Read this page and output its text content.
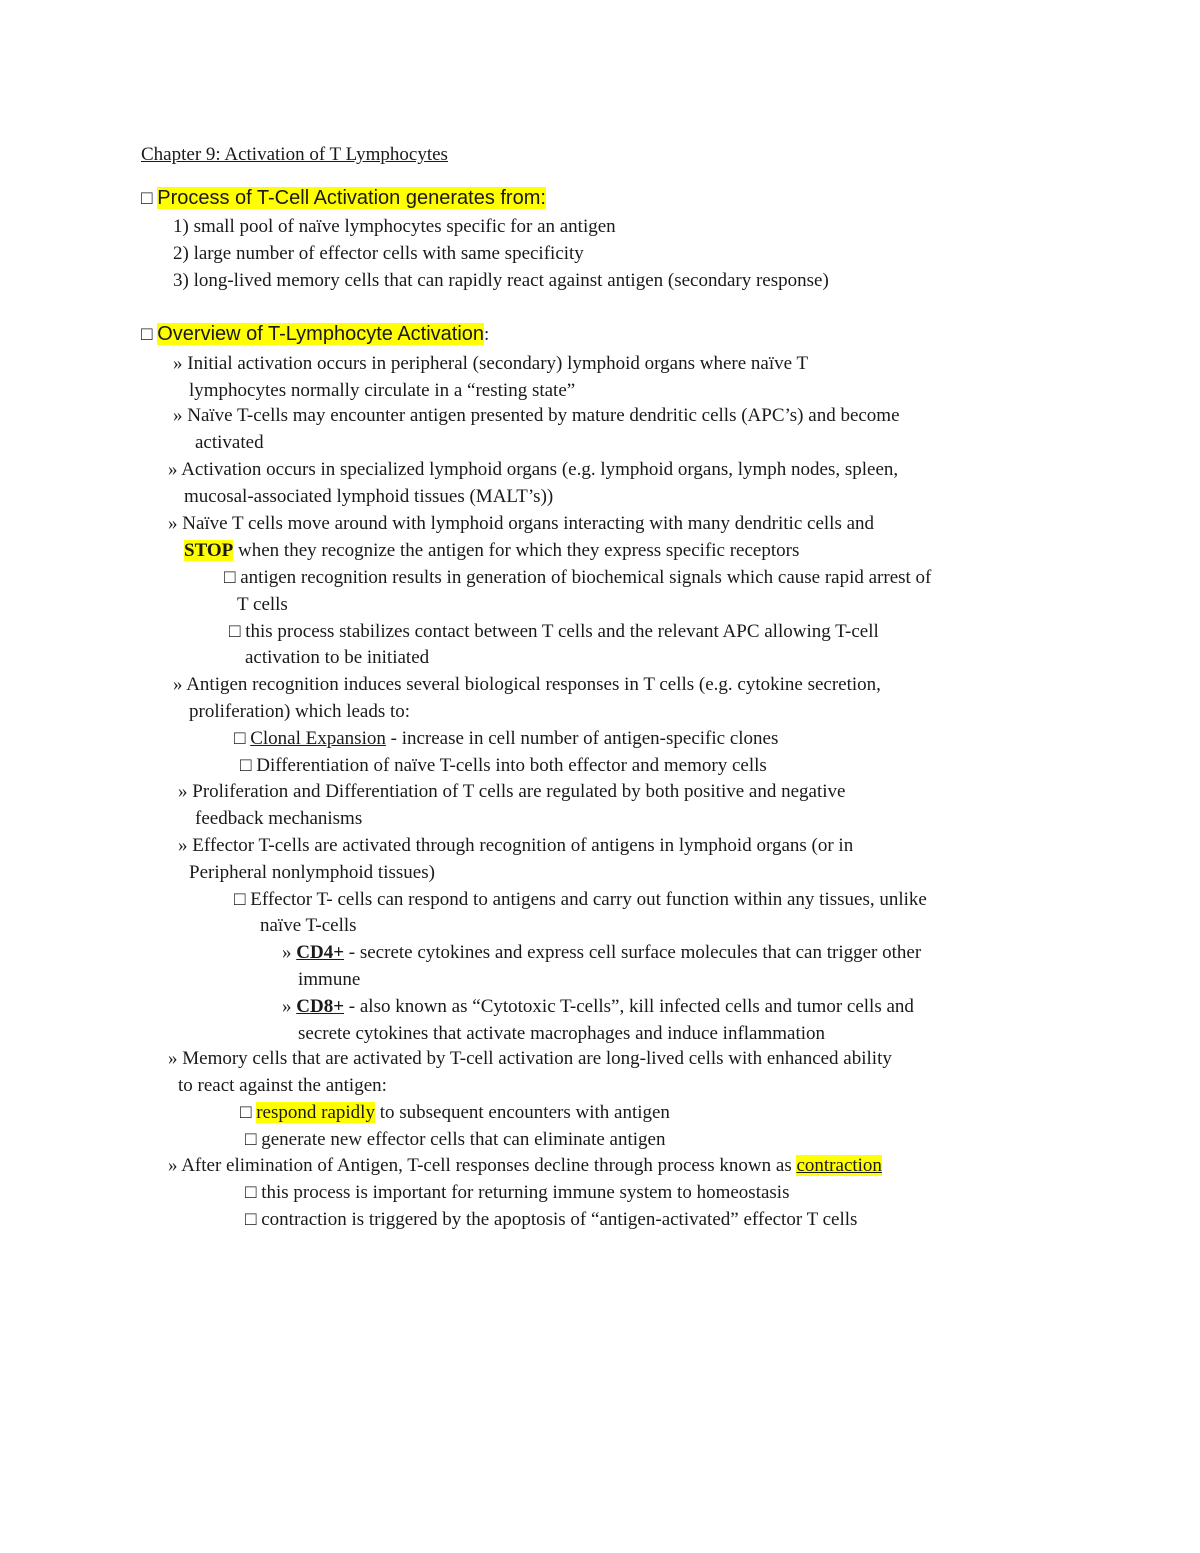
Chapter 9: Activation of T Lymphocytes
□ Process of T-Cell Activation generates from:
1) small pool of naïve lymphocytes specific for an antigen
2) large number of effector cells with same specificity
3) long-lived memory cells that can rapidly react against antigen (secondary response)
□ Overview of T-Lymphocyte Activation:
» Initial activation occurs in peripheral (secondary) lymphoid organs where naïve T
lymphocytes normally circulate in a “resting state”
» Naïve T-cells may encounter antigen presented by mature dendritic cells (APC’s) and become
activated
» Activation occurs in specialized lymphoid organs (e.g. lymphoid organs, lymph nodes, spleen,
mucosal-associated lymphoid tissues (MALT’s))
» Naïve T cells move around with lymphoid organs interacting with many dendritic cells and
STOP when they recognize the antigen for which they express specific receptors
□ antigen recognition results in generation of biochemical signals which cause rapid arrest of
T cells
□ this process stabilizes contact between T cells and the relevant APC allowing T-cell
activation to be initiated
» Antigen recognition induces several biological responses in T cells (e.g. cytokine secretion,
proliferation) which leads to:
□ Clonal Expansion - increase in cell number of antigen-specific clones
□ Differentiation of naïve T-cells into both effector and memory cells
» Proliferation and Differentiation of T cells are regulated by both positive and negative
feedback mechanisms
» Effector T-cells are activated through recognition of antigens in lymphoid organs (or in
Peripheral nonlymphoid tissues)
□ Effector T- cells can respond to antigens and carry out function within any tissues, unlike
naïve T-cells
» CD4+ - secrete cytokines and express cell surface molecules that can trigger other
immune
» CD8+ - also known as “Cytotoxic T-cells”, kill infected cells and tumor cells and
secrete cytokines that activate macrophages and induce inflammation
» Memory cells that are activated by T-cell activation are long-lived cells with enhanced ability
to react against the antigen:
□ respond rapidly to subsequent encounters with antigen
□ generate new effector cells that can eliminate antigen
» After elimination of Antigen, T-cell responses decline through process known as contraction
□ this process is important for returning immune system to homeostasis
□ contraction is triggered by the apoptosis of “antigen-activated” effector T cells
